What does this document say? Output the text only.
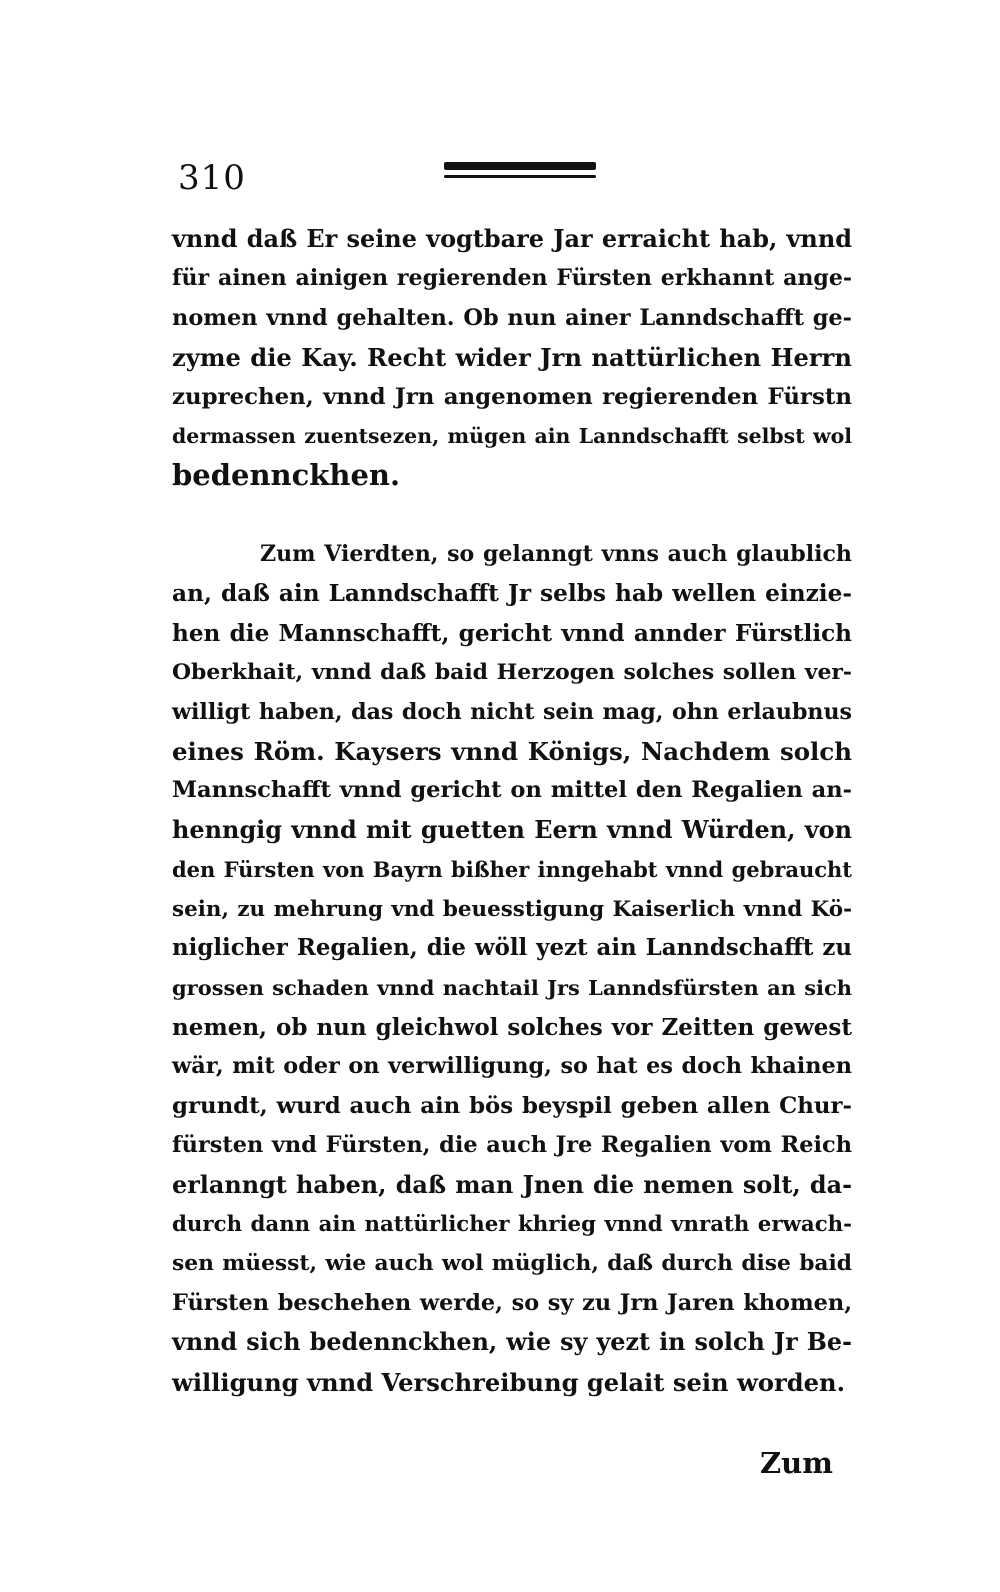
310
vnnd daß Er seine vogtbare Jar erraicht hab, vnnd
für ainen ainigen regierenden Fürsten erkhannt ange-
nomen vnnd gehalten. Ob nun ainer Lanndschafft ge-
zyme die Kay. Recht wider Jrn nattürlichen Herrn
zuprechen, vnnd Jrn angenomen regierenden Fürstn
dermassen zuentsezen, mügen ain Lanndschafft selbst wol
bedennckhen.
Zum Vierdten, so gelanngt vnns auch glaublich
an, daß ain Lanndschafft Jr selbs hab wellen einzie-
hen die Mannschafft, gericht vnnd annder Fürstlich
Oberkhait, vnnd daß baid Herzogen solches sollen ver-
willigt haben, das doch nicht sein mag, ohn erlaubnus
eines Röm. Kaysers vnnd Königs, Nachdem solch
Mannschafft vnnd gericht on mittel den Regalien an-
henngig vnnd mit guetten Eern vnnd Würden, von
den Fürsten von Bayrn bißher inngehabt vnnd gebraucht
sein, zu mehrung vnd beuesstigung Kaiserlich vnnd Kö-
niglicher Regalien, die wöll yezt ain Lanndschafft zu
grossen schaden vnnd nachtail Jrs Lanndsfürsten an sich
nemen, ob nun gleichwol solches vor Zeitten gewest
wär, mit oder on verwilligung, so hat es doch khainen
grundt, wurd auch ain bös beyspil geben allen Chur-
fürsten vnd Fürsten, die auch Jre Regalien vom Reich
erlanngt haben, daß man Jnen die nemen solt, da-
durch dann ain nattürlicher khrieg vnnd vnrath erwach-
sen müesst, wie auch wol müglich, daß durch dise baid
Fürsten beschehen werde, so sy zu Jrn Jaren khomen,
vnnd sich bedennckhen, wie sy yezt in solch Jr Be-
willigung vnnd Verschreibung gelait sein worden.
Zum
